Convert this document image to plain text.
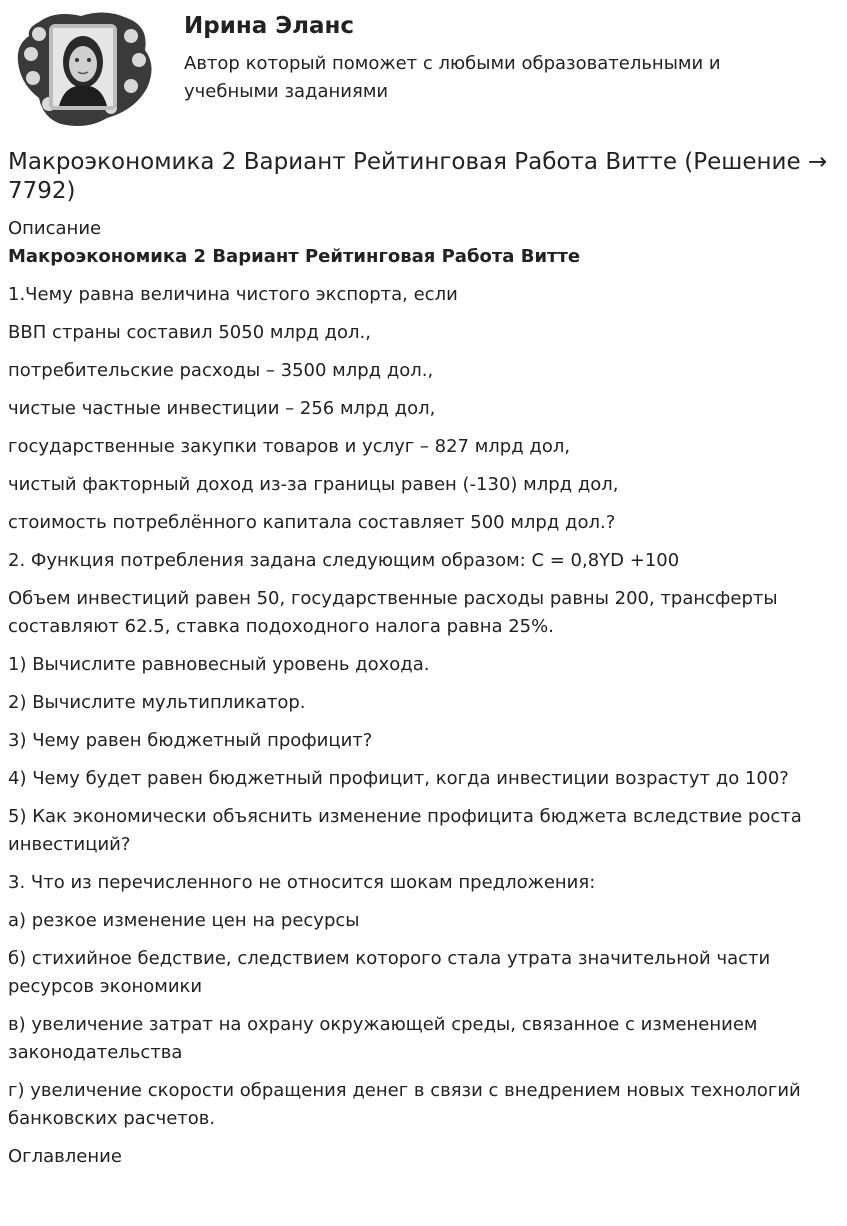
Ирина Эланс

Автор который поможет с любыми образовательными и учебными заданиями

Макроэкономика 2 Вариант Рейтинговая Работа Витте (Решение → 7792)
Описание

Макроэкономика 2 Вариант Рейтинговая Работа Витте

1.Чему равна величина чистого экспорта, если

ВВП страны составил 5050 млрд дол.,

потребительские расходы – 3500 млрд дол.,

чистые частные инвестиции – 256 млрд дол,

государственные закупки товаров и услуг – 827 млрд дол,

чистый факторный доход из-за границы равен (-130) млрд дол,

стоимость потреблённого капитала составляет 500 млрд дол.?

2. Функция потребления задана следующим образом: С = 0,8YD +100

Объем инвестиций равен 50, государственные расходы равны 200, трансферты составляют 62.5, ставка подоходного налога равна 25%.

1) Вычислите равновесный уровень дохода.

2) Вычислите мультипликатор.

3) Чему равен бюджетный профицит?

4) Чему будет равен бюджетный профицит, когда инвестиции возрастут до 100?

5) Как экономически объяснить изменение профицита бюджета вследствие роста инвестиций?

3. Что из перечисленного не относится шокам предложения:

а) резкое изменение цен на ресурсы

б) стихийное бедствие, следствием которого стала утрата значительной части ресурсов экономики

в) увеличение затрат на охрану окружающей среды, связанное с изменением законодательства

г) увеличение скорости обращения денег в связи с внедрением новых технологий банковских расчетов.

Оглавление
